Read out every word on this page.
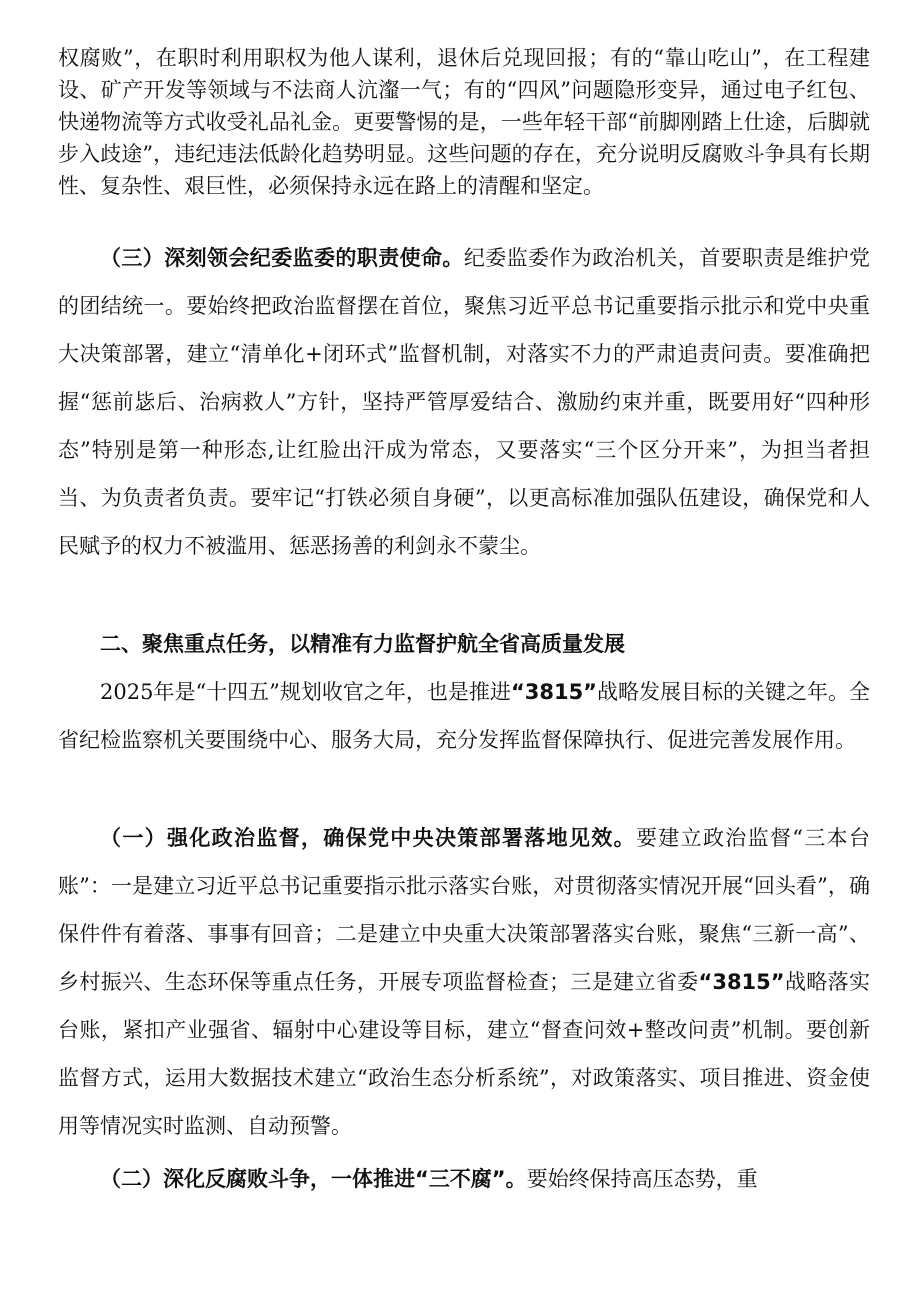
权腐败”，在职时利用职权为他人谋利，退休后兑现回报；有的“靠山吃山”，在工程建设、矿产开发等领域与不法商人沆瀣一气；有的“四风”问题隐形变异，通过电子红包、快递物流等方式收受礼品礼金。更要警惕的是，一些年轻干部“前脚刚踏上仕途，后脚就步入歧途”，违纪违法低龄化趋势明显。这些问题的存在，充分说明反腐败斗争具有长期性、复杂性、艰巨性，必须保持永远在路上的清醒和坚定。

（三）深刻领会纪委监委的职责使命。纪委监委作为政治机关，首要职责是维护党的团结统一。要始终把政治监督摆在首位，聚焦习近平总书记重要指示批示和党中央重大决策部署，建立“清单化+闭环式”监督机制，对落实不力的严肃追责问责。要准确把握“惩前毖后、治病救人”方针，坚持严管厚爱结合、激励约束并重，既要用好“四种形态”特别是第一种形态,让红脸出汗成为常态，又要落实“三个区分开来”，为担当者担当、为负责者负责。要牢记“打铁必须自身硬”，以更高标准加强队伍建设，确保党和人民赋予的权力不被滥用、惩恶扬善的利剑永不蒙尘。

二、聚焦重点任务，以精准有力监督护航全省高质量发展

2025年是“十四五”规划收官之年，也是推进“3815”战略发展目标的关键之年。全省纪检监察机关要围绕中心、服务大局，充分发挥监督保障执行、促进完善发展作用。

（一）强化政治监督，确保党中央决策部署落地见效。要建立政治监督“三本台账”：一是建立习近平总书记重要指示批示落实台账，对贯彻落实情况开展“回头看”，确保件件有着落、事事有回音；二是建立中央重大决策部署落实台账，聚焦“三新一高”、乡村振兴、生态环保等重点任务，开展专项监督检查；三是建立省委“3815”战略落实台账，紧扣产业强省、辐射中心建设等目标，建立“督查问效+整改问责”机制。要创新监督方式，运用大数据技术建立“政治生态分析系统”，对政策落实、项目推进、资金使用等情况实时监测、自动预警。

（二）深化反腐败斗争，一体推进“三不腐”。要始终保持高压态势，重
